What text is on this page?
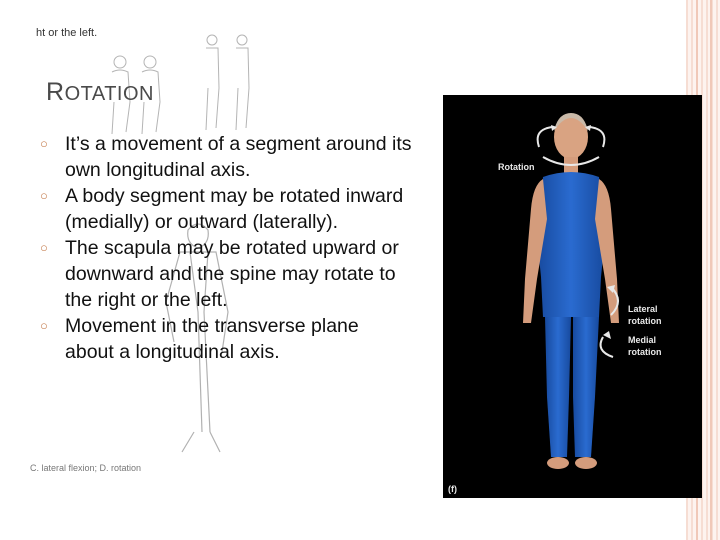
ht or the left.
C. lateral flexion; D. rotation
ROTATION
○ It’s a movement of a segment around its own longitudinal axis.
○ A body segment may be rotated inward (medially) or outward (laterally).
○ The scapula may be rotated upward or downward and the spine may rotate to the right or the left.
○ Movement in the transverse plane about a longitudinal axis.
Rotation
Lateral
rotation
Medial
rotation
(f)
